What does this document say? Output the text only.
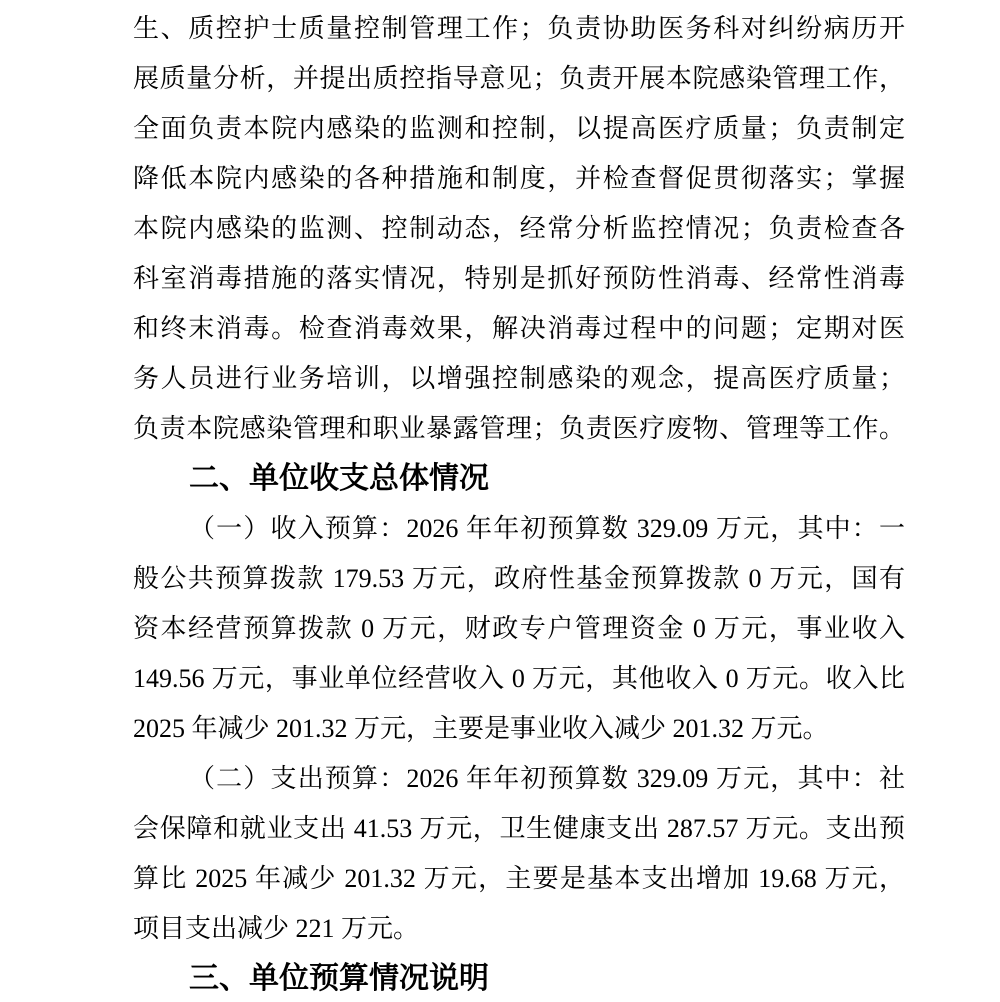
生、质控护士质量控制管理工作；负责协助医务科对纠纷病历开
展质量分析，并提出质控指导意见；负责开展本院感染管理工作，
全面负责本院内感染的监测和控制，以提高医疗质量；负责制定
降低本院内感染的各种措施和制度，并检查督促贯彻落实；掌握
本院内感染的监测、控制动态，经常分析监控情况；负责检查各
科室消毒措施的落实情况，特别是抓好预防性消毒、经常性消毒
和终末消毒。检查消毒效果，解决消毒过程中的问题；定期对医
务人员进行业务培训，以增强控制感染的观念，提高医疗质量；
负责本院感染管理和职业暴露管理；负责医疗废物、管理等工作。
二、单位收支总体情况
（一）收入预算：2026 年年初预算数 329.09 万元，其中：一
般公共预算拨款 179.53 万元，政府性基金预算拨款 0 万元，国有
资本经营预算拨款 0 万元，财政专户管理资金 0 万元，事业收入
149.56 万元，事业单位经营收入 0 万元，其他收入 0 万元。收入比
2025 年减少 201.32 万元，主要是事业收入减少 201.32 万元。
（二）支出预算：2026 年年初预算数 329.09 万元，其中：社
会保障和就业支出 41.53 万元，卫生健康支出 287.57 万元。支出预
算比 2025 年减少 201.32 万元，主要是基本支出增加 19.68 万元，
项目支出减少 221 万元。
三、单位预算情况说明
